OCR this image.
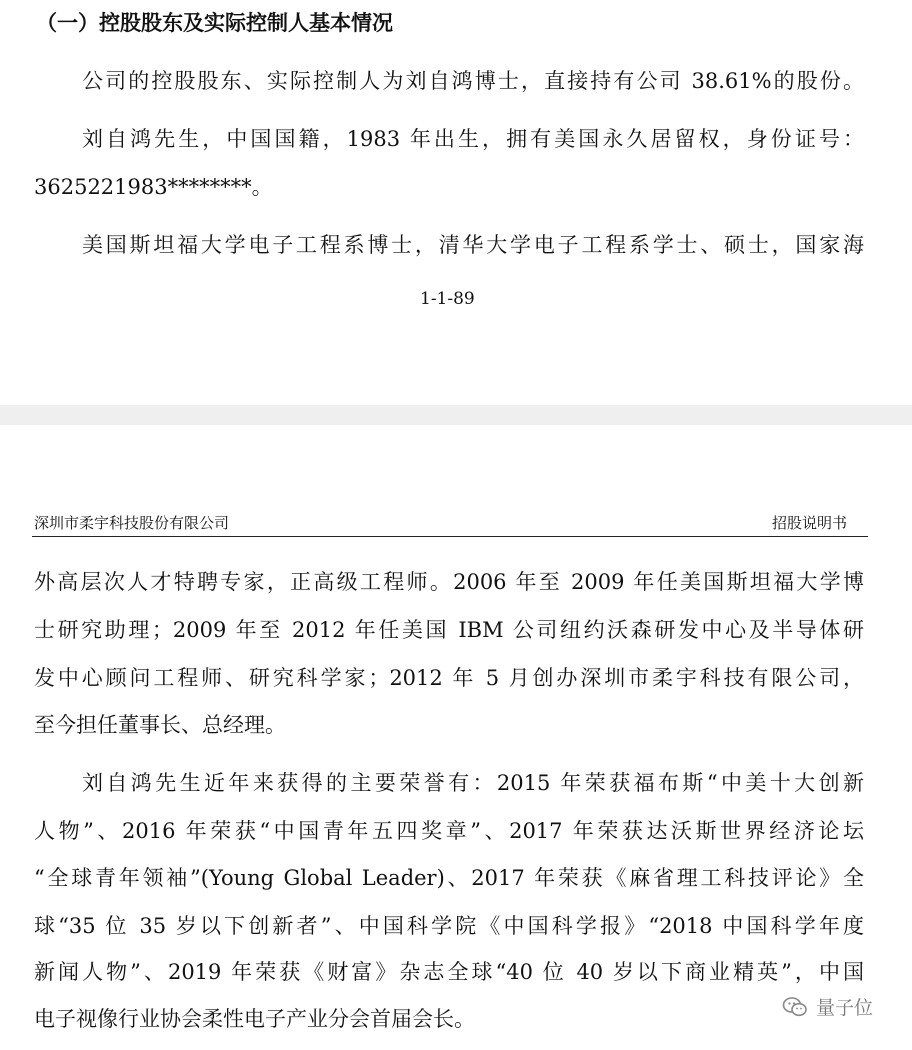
（一）控股股东及实际控制人基本情况
公司的控股股东、实际控制人为刘自鸿博士，直接持有公司 38.61%的股份。
刘自鸿先生，中国国籍，1983 年出生，拥有美国永久居留权，身份证号：
3625221983********。
美国斯坦福大学电子工程系博士，清华大学电子工程系学士、硕士，国家海
1-1-89
深圳市柔宇科技股份有限公司	招股说明书
外高层次人才特聘专家，正高级工程师。2006 年至 2009 年任美国斯坦福大学博
士研究助理；2009 年至 2012 年任美国 IBM 公司纽约沃森研发中心及半导体研
发中心顾问工程师、研究科学家；2012 年 5 月创办深圳市柔宇科技有限公司，
至今担任董事长、总经理。
刘自鸿先生近年来获得的主要荣誉有：2015 年荣获福布斯“中美十大创新
人物”、2016 年荣获“中国青年五四奖章”、2017 年荣获达沃斯世界经济论坛
“全球青年领袖”(Young Global Leader)、2017 年荣获《麻省理工科技评论》全
球“35 位 35 岁以下创新者”、中国科学院《中国科学报》“2018 中国科学年度
新闻人物”、2019 年荣获《财富》杂志全球“40 位 40 岁以下商业精英”，中国
电子视像行业协会柔性电子产业分会首届会长。	量子位
